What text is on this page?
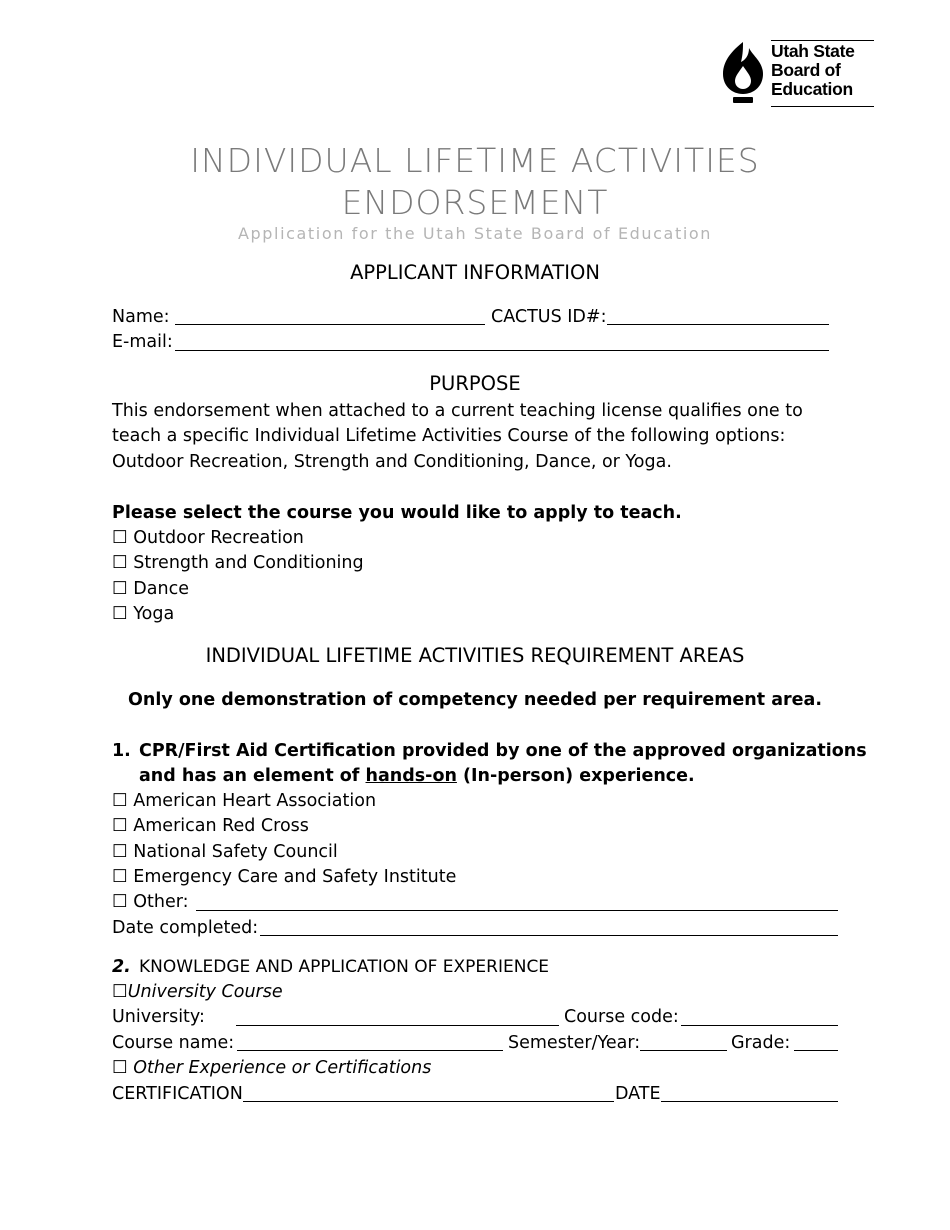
Utah State
Board of
Education
INDIVIDUAL LIFETIME ACTIVITIES
ENDORSEMENT
Application for the Utah State Board of Education
APPLICANT INFORMATION
Name:	CACTUS ID#:
E-mail:
PURPOSE
This endorsement when attached to a current teaching license qualifies one to
teach a specific Individual Lifetime Activities Course of the following options:
Outdoor Recreation, Strength and Conditioning, Dance, or Yoga.
Please select the course you would like to apply to teach.
☐ Outdoor Recreation
☐ Strength and Conditioning
☐ Dance
☐ Yoga
INDIVIDUAL LIFETIME ACTIVITIES REQUIREMENT AREAS
Only one demonstration of competency needed per requirement area.
1. CPR/First Aid Certification provided by one of the approved organizations
and has an element of hands-on (In-person) experience.
☐ American Heart Association
☐ American Red Cross
☐ National Safety Council
☐ Emergency Care and Safety Institute
☐ Other:
Date completed:
2. KNOWLEDGE AND APPLICATION OF EXPERIENCE
☐University Course
University:	Course code:
Course name:	Semester/Year:	Grade:
☐ Other Experience or Certifications
CERTIFICATION	DATE
